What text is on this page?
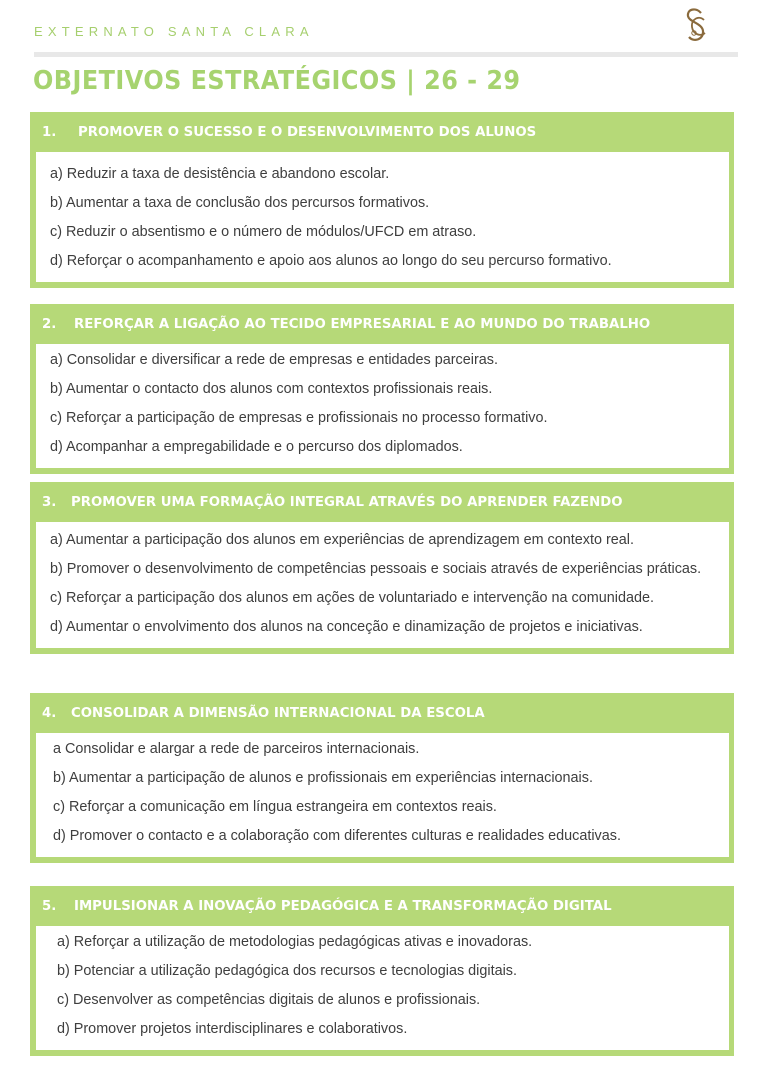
EXTERNATO SANTA CLARA
OBJETIVOS ESTRATÉGICOS | 26 - 29
1.	PROMOVER O SUCESSO E O DESENVOLVIMENTO DOS ALUNOS
a) Reduzir a taxa de desistência e abandono escolar.
b) Aumentar a taxa de conclusão dos percursos formativos.
c) Reduzir o absentismo e o número de módulos/UFCD em atraso.
d) Reforçar o acompanhamento e apoio aos alunos ao longo do seu percurso formativo.
2.	REFORÇAR A LIGAÇÃO AO TECIDO EMPRESARIAL E AO MUNDO DO TRABALHO
a) Consolidar e diversificar a rede de empresas e entidades parceiras.
b) Aumentar o contacto dos alunos com contextos profissionais reais.
c) Reforçar a participação de empresas e profissionais no processo formativo.
d) Acompanhar a empregabilidade e o percurso dos diplomados.
3.	PROMOVER UMA FORMAÇÃO INTEGRAL ATRAVÉS DO APRENDER FAZENDO
a) Aumentar a participação dos alunos em experiências de aprendizagem em contexto real.
b) Promover o desenvolvimento de competências pessoais e sociais através de experiências práticas.
c) Reforçar a participação dos alunos em ações de voluntariado e intervenção na comunidade.
d) Aumentar o envolvimento dos alunos na conceção e dinamização de projetos e iniciativas.
4.	CONSOLIDAR A DIMENSÃO INTERNACIONAL DA ESCOLA
a Consolidar e alargar a rede de parceiros internacionais.
b) Aumentar a participação de alunos e profissionais em experiências internacionais.
c) Reforçar a comunicação em língua estrangeira em contextos reais.
d) Promover o contacto e a colaboração com diferentes culturas e realidades educativas.
5.	IMPULSIONAR A INOVAÇÃO PEDAGÓGICA E A TRANSFORMAÇÃO DIGITAL
a) Reforçar a utilização de metodologias pedagógicas ativas e inovadoras.
b) Potenciar a utilização pedagógica dos recursos e tecnologias digitais.
c) Desenvolver as competências digitais de alunos e profissionais.
d) Promover projetos interdisciplinares e colaborativos.
